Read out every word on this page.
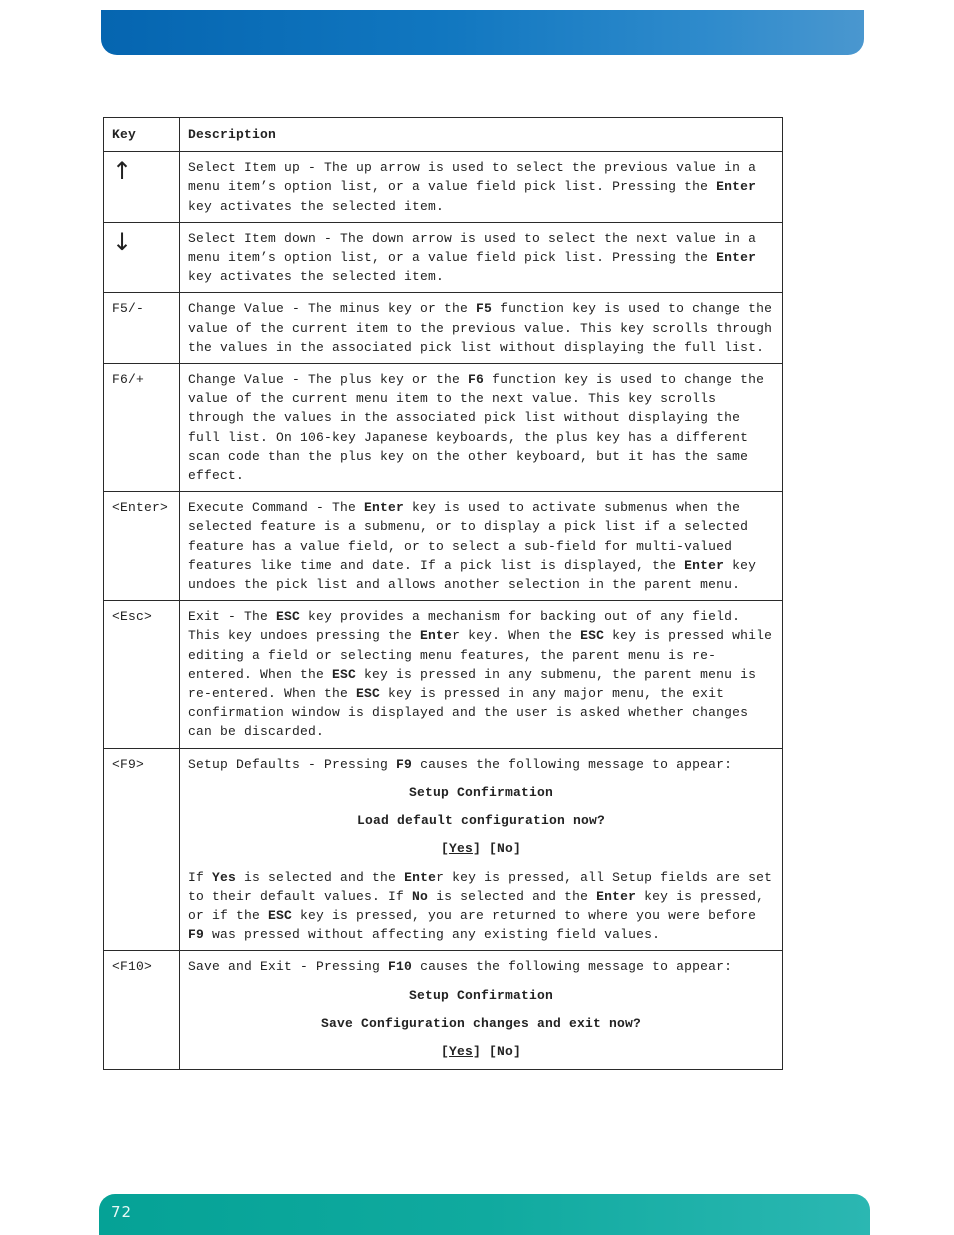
Key	Description
↑	Select Item up - The up arrow is used to select the previous value in a menu item’s option list, or a value field pick list. Pressing the Enter key activates the selected item.
↓	Select Item down - The down arrow is used to select the next value in a menu item’s option list, or a value field pick list. Pressing the Enter key activates the selected item.
F5/-	Change Value - The minus key or the F5 function key is used to change the value of the current item to the previous value. This key scrolls through the values in the associated pick list without displaying the full list.
F6/+	Change Value - The plus key or the F6 function key is used to change the value of the current menu item to the next value. This key scrolls through the values in the associated pick list without displaying the full list. On 106-key Japanese keyboards, the plus key has a different scan code than the plus key on the other keyboard, but it has the same effect.
<Enter>	Execute Command - The Enter key is used to activate submenus when the selected feature is a submenu, or to display a pick list if a selected feature has a value field, or to select a sub-field for multi-valued features like time and date. If a pick list is displayed, the Enter key undoes the pick list and allows another selection in the parent menu.
<Esc>	Exit - The ESC key provides a mechanism for backing out of any field. This key undoes pressing the Enter key. When the ESC key is pressed while editing a field or selecting menu features, the parent menu is re-entered. When the ESC key is pressed in any submenu, the parent menu is re-entered. When the ESC key is pressed in any major menu, the exit confirmation window is displayed and the user is asked whether changes can be discarded.
<F9>	Setup Defaults - Pressing F9 causes the following message to appear:
Setup Confirmation
Load default configuration now?
[Yes] [No]
If Yes is selected and the Enter key is pressed, all Setup fields are set to their default values. If No is selected and the Enter key is pressed, or if the ESC key is pressed, you are returned to where you were before F9 was pressed without affecting any existing field values.

<F10>	Save and Exit - Pressing F10 causes the following message to appear:
Setup Confirmation
Save Configuration changes and exit now?
[Yes] [No]
72
